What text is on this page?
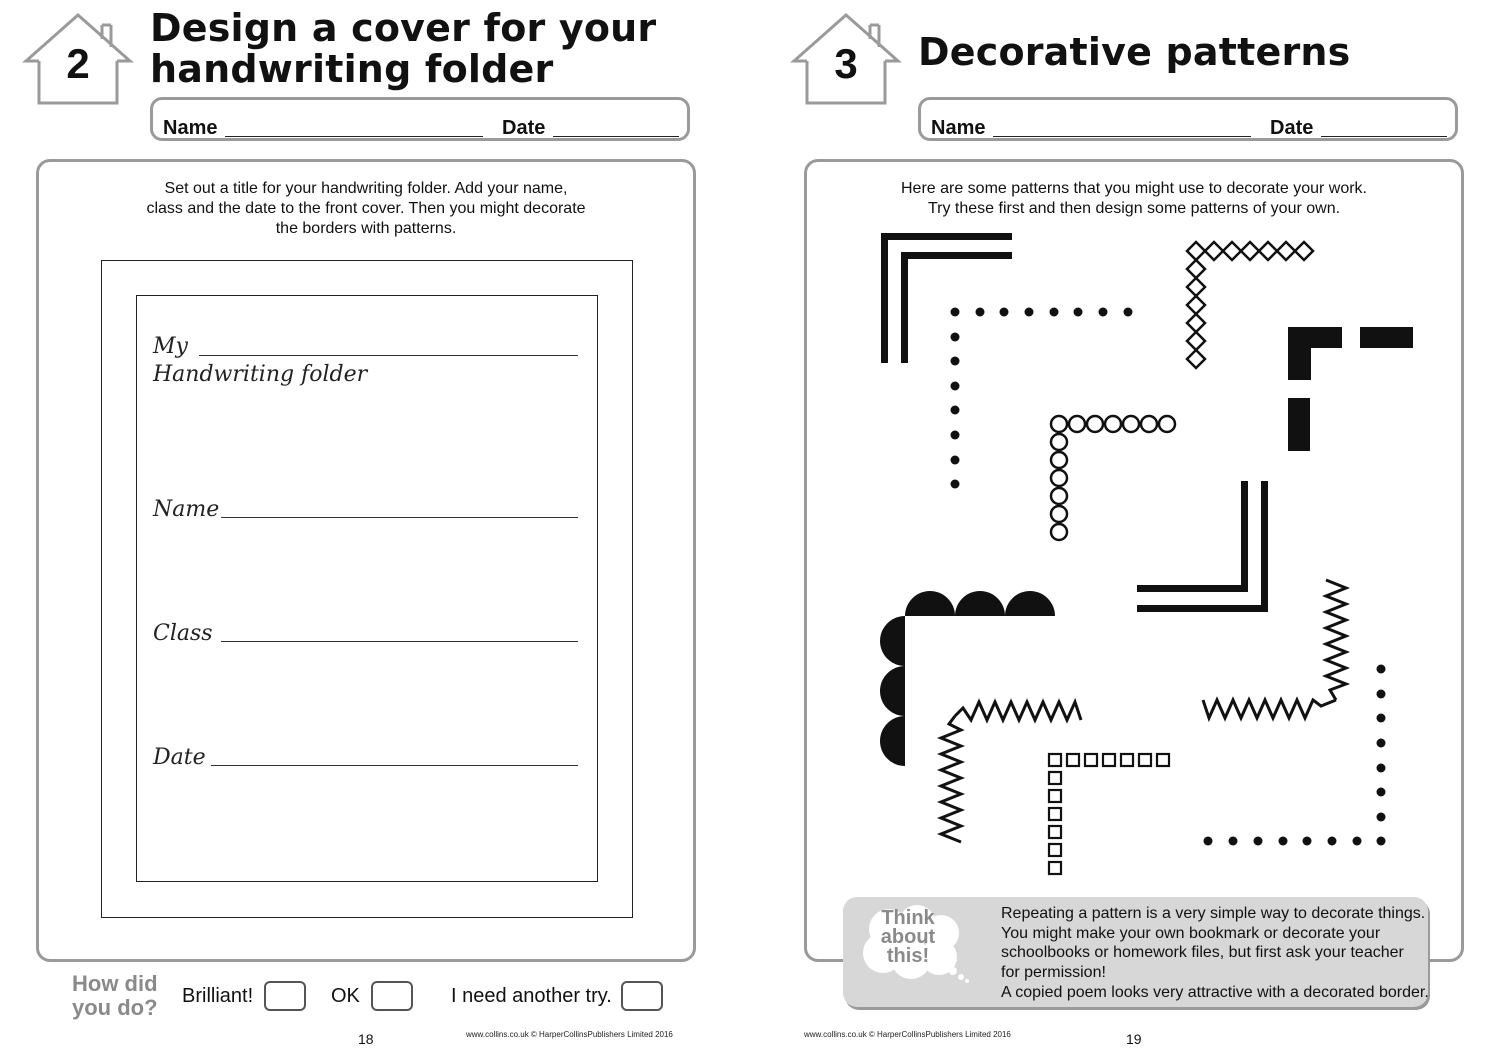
2
Design a cover for your
handwriting folder
Name	Date
Set out a title for your handwriting folder. Add your name,
class and the date to the front cover. Then you might decorate
the borders with patterns.
My
Handwriting folder
Name
Class
Date
How did
you do? Brilliant!	OK	I need another try.
18	www.collins.co.uk © HarperCollinsPublishers Limited 2016
3	Decorative patterns
Name	Date
Here are some patterns that you might use to decorate your work.
Try these first and then design some patterns of your own.
Think
about
this!
Repeating a pattern is a very simple way to decorate things.
You might make your own bookmark or decorate your
schoolbooks or homework files, but first ask your teacher
for permission!
A copied poem looks very attractive with a decorated border.
www.collins.co.uk © HarperCollinsPublishers Limited 2016	19
